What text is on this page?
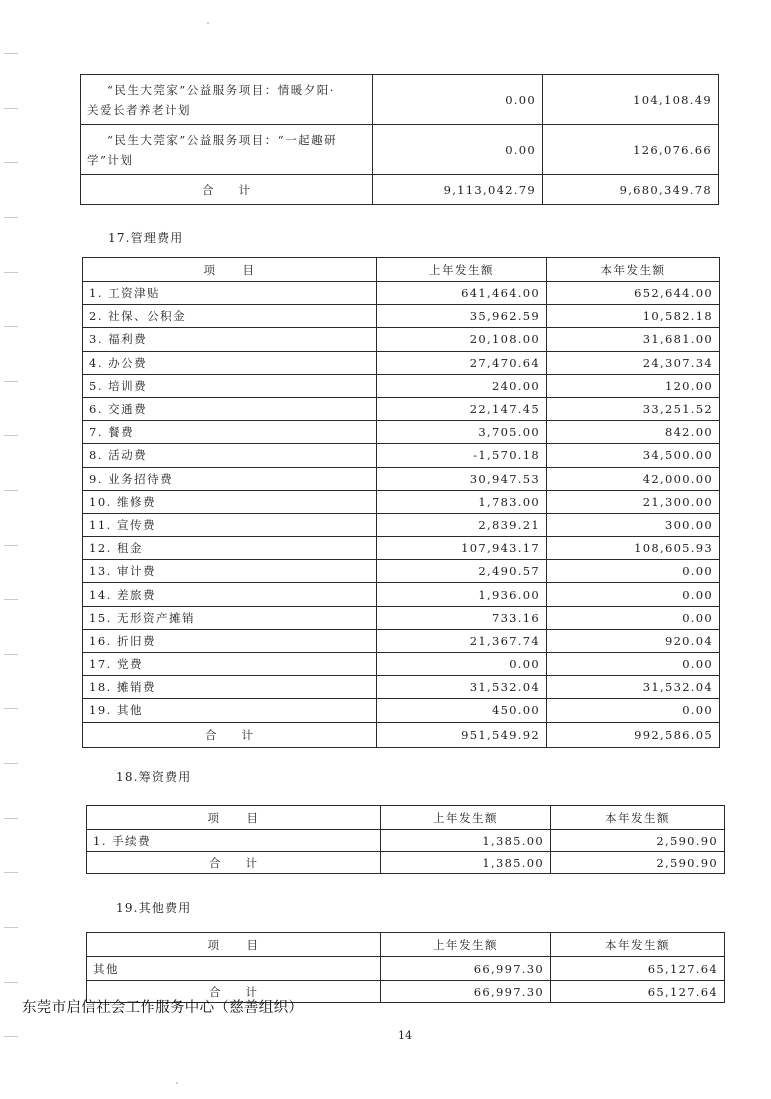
“民生大莞家”公益服务项目：情暖夕阳·
关爱长者养老计划	0.00	104,108.49

“民生大莞家”公益服务项目：“一起趣研
学”计划	0.00	126,076.66
合 计	9,113,042.79	9,680,349.78
17.管理费用
项 目	上年发生额	本年发生额
1. 工资津贴	641,464.00	652,644.00
2. 社保、公积金	35,962.59	10,582.18
3. 福利费	20,108.00	31,681.00
4. 办公费	27,470.64	24,307.34
5. 培训费	240.00	120.00
6. 交通费	22,147.45	33,251.52
7. 餐费	3,705.00	842.00
8. 活动费	-1,570.18	34,500.00
9. 业务招待费	30,947.53	42,000.00
10. 维修费	1,783.00	21,300.00
11. 宣传费	2,839.21	300.00
12. 租金	107,943.17	108,605.93
13. 审计费	2,490.57	0.00
14. 差旅费	1,936.00	0.00
15. 无形资产摊销	733.16	0.00
16. 折旧费	21,367.74	920.04
17. 党费	0.00	0.00
18. 摊销费	31,532.04	31,532.04
19. 其他	450.00	0.00
合 计	951,549.92	992,586.05
18.筹资费用
项 目	上年发生额	本年发生额
1. 手续费	1,385.00	2,590.90
合 计	1,385.00	2,590.90
19.其他费用
项 目	上年发生额	本年发生额
其他	66,997.30	65,127.64
合 计	66,997.30	65,127.64
东莞市启信社会工作服务中心（慈善组织）
14
